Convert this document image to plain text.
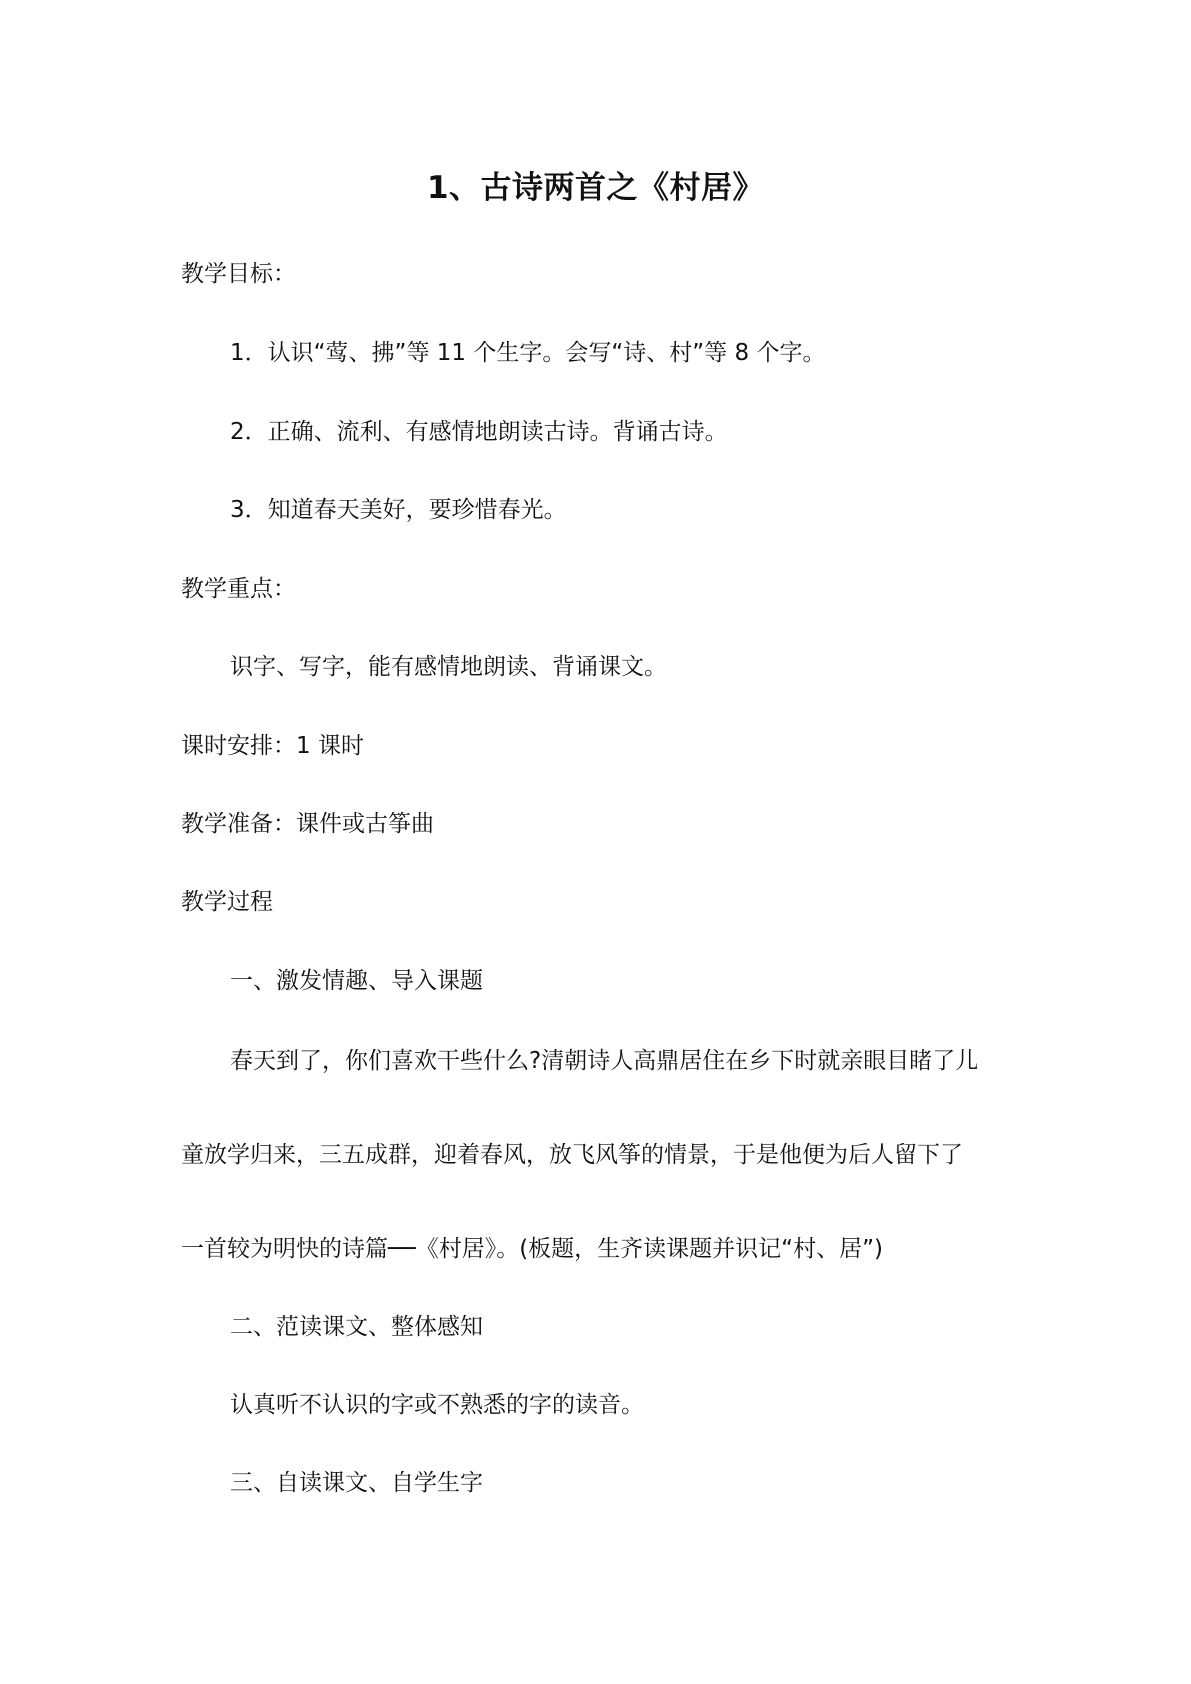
1、古诗两首之《村居》
教学目标：
1．认识“莺、拂”等 11 个生字。会写“诗、村”等 8 个字。
2．正确、流利、有感情地朗读古诗。背诵古诗。
3．知道春天美好，要珍惜春光。
教学重点：
识字、写字，能有感情地朗读、背诵课文。
课时安排：1 课时
教学准备：课件或古筝曲
教学过程
一、激发情趣、导入课题
春天到了，你们喜欢干些什么?清朝诗人高鼎居住在乡下时就亲眼目睹了儿
童放学归来，三五成群，迎着春风，放飞风筝的情景，于是他便为后人留下了
一首较为明快的诗篇──《村居》。(板题，生齐读课题并识记“村、居”)
二、范读课文、整体感知
认真听不认识的字或不熟悉的字的读音。
三、自读课文、自学生字
